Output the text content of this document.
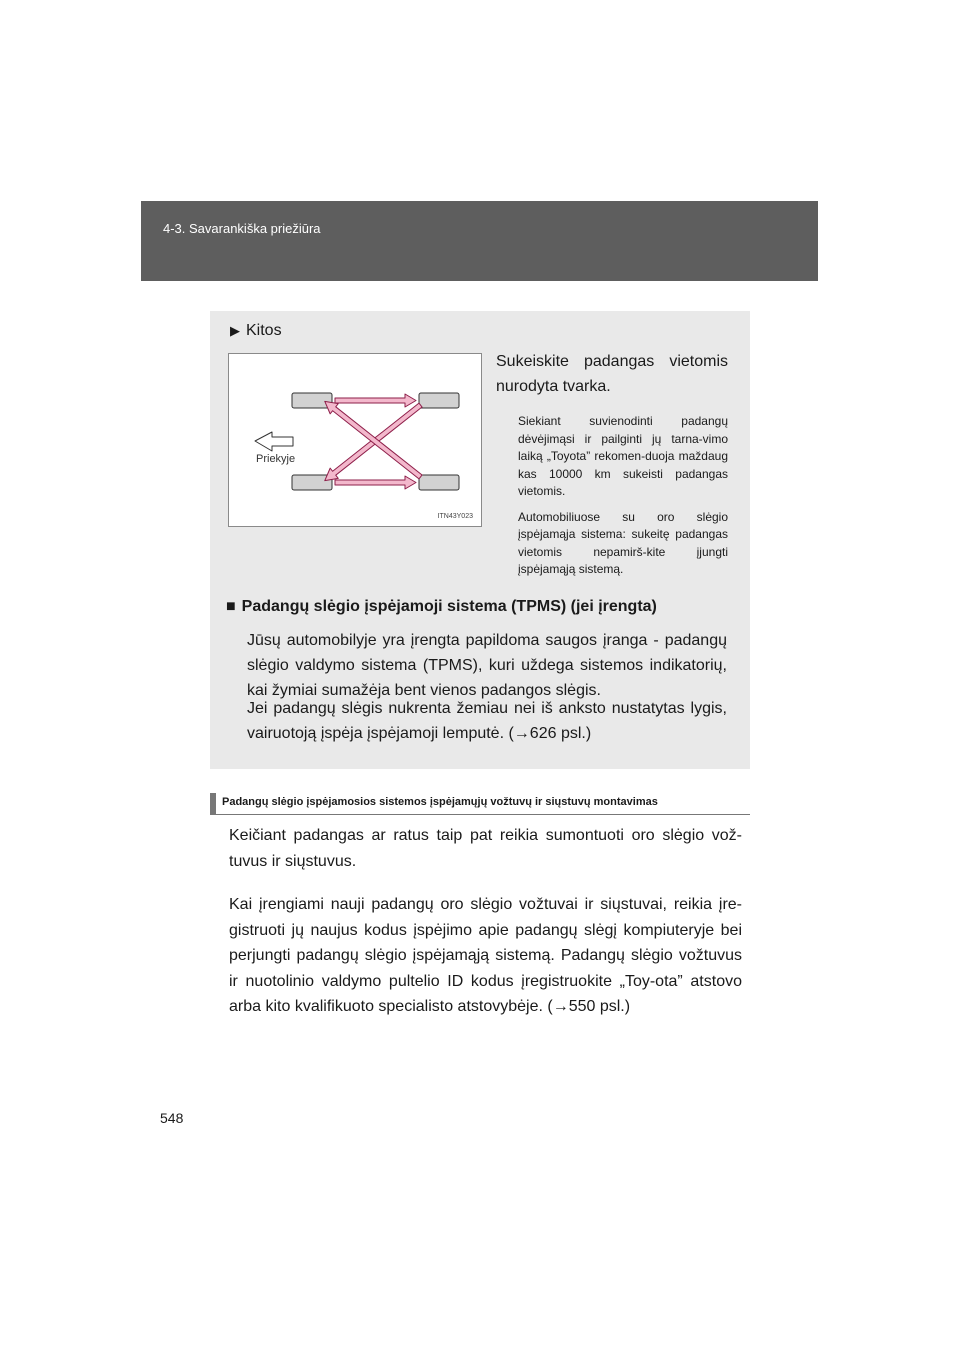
4-3. Savarankiška priežiūra
▶ Kitos
Priekyje
ITN43Y023

Sukeiskite padangas vietomis nurodyta tvarka.

Siekiant suvienodinti padangų dėvėjimąsi ir pailginti jų tarna-vimo laiką „Toyota” rekomen-duoja maždaug kas 10000 km sukeisti padangas vietomis.

Automobiliuose su oro slėgio įspėjamąja sistema: sukeitę padangas vietomis nepamirš-kite įjungti įspėjamąją sistemą.

■ Padangų slėgio įspėjamoji sistema (TPMS) (jei įrengta)

Jūsų automobilyje yra įrengta papildoma saugos įranga - padangų slėgio valdymo sistema (TPMS), kuri uždega sistemos indikatorių, kai žymiai sumažėja bent vienos padangos slėgis.

Jei padangų slėgis nukrenta žemiau nei iš anksto nustatytas lygis, vairuotoją įspėja įspėjamoji lemputė. (→626 psl.)

Padangų slėgio įspėjamosios sistemos įspėjamųjų vožtuvų ir siųstuvų montavimas

Keičiant padangas ar ratus taip pat reikia sumontuoti oro slėgio vož-tuvus ir siųstuvus.

Kai įrengiami nauji padangų oro slėgio vožtuvai ir siųstuvai, reikia įre-gistruoti jų naujus kodus įspėjimo apie padangų slėgį kompiuteryje bei perjungti padangų slėgio įspėjamąją sistemą. Padangų slėgio vožtuvus ir nuotolinio valdymo pultelio ID kodus įregistruokite „Toy-ota” atstovo arba kito kvalifikuoto specialisto atstovybėje. (→550 psl.)

548
